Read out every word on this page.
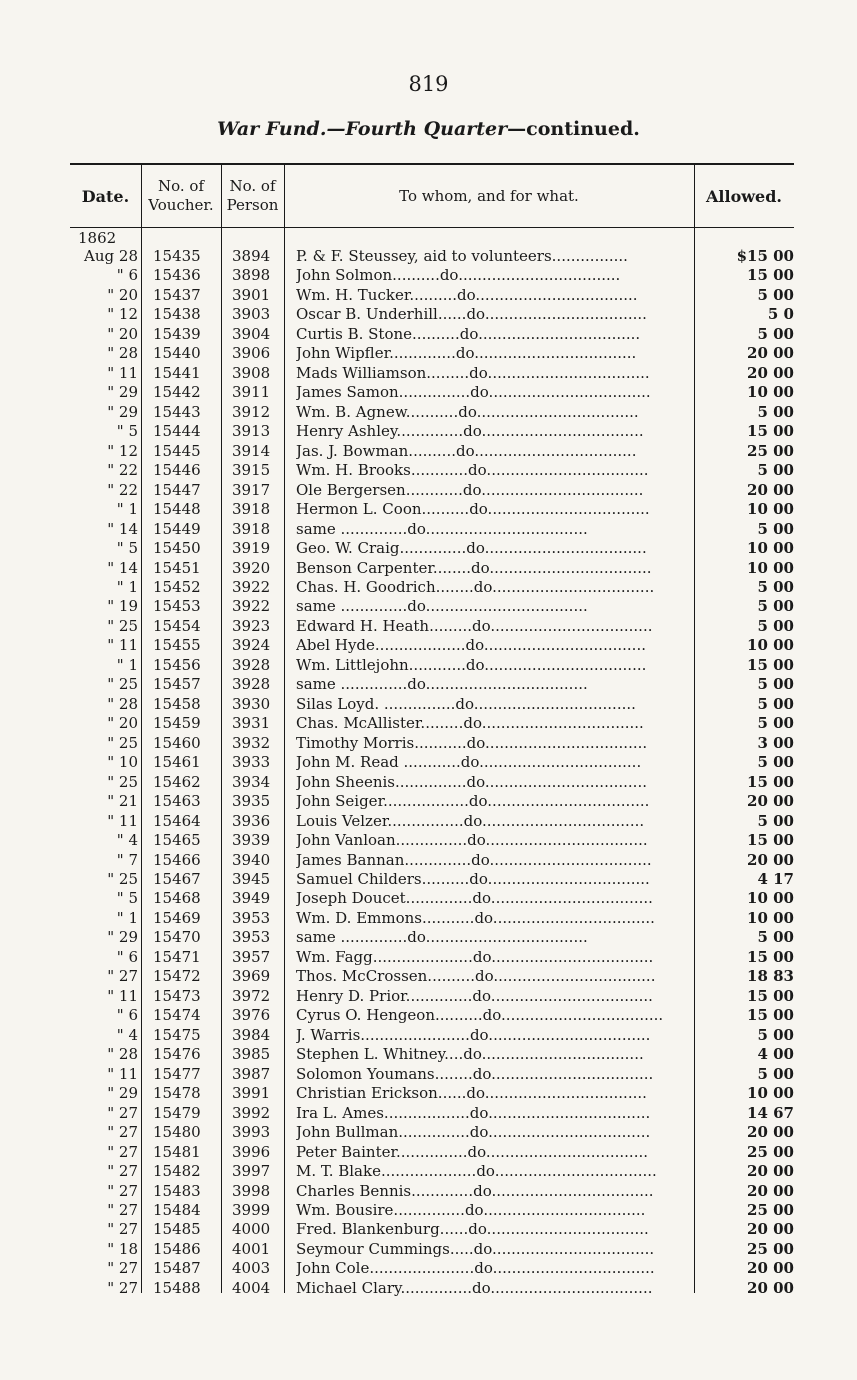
819
War Fund.—Fourth Quarter—continued.
Date.
No. of Voucher.
No. of Person
To whom, and for what.	Allowed.
1862
Aug 28 15435 3894 P. & F. Steussey, aid to volunteers................	$15 00
" 6 15436 3898 John Solmon..........do..................................	15 00
" 20 15437 3901 Wm. H. Tucker..........do..................................	5 00
" 12 15438 3903 Oscar B. Underhill......do..................................	5 0
" 20 15439 3904 Curtis B. Stone..........do..................................	5 00
" 28 15440 3906 John Wipfler..............do..................................	20 00
" 11 15441 3908 Mads Williamson.........do..................................	20 00
" 29 15442 3911 James Samon...............do..................................	10 00
" 29 15443 3912 Wm. B. Agnew...........do..................................	5 00
" 5 15444 3913 Henry Ashley..............do..................................	15 00
" 12 15445 3914 Jas. J. Bowman..........do..................................	25 00
" 22 15446 3915 Wm. H. Brooks............do..................................	5 00
" 22 15447 3917 Ole Bergersen............do..................................	20 00
" 1 15448 3918 Hermon L. Coon..........do..................................	10 00
" 14 15449 3918 same ..............do..................................	5 00
" 5 15450 3919 Geo. W. Craig..............do..................................	10 00
" 14 15451 3920 Benson Carpenter........do..................................	10 00
" 1 15452 3922 Chas. H. Goodrich........do..................................	5 00
" 19 15453 3922 same ..............do..................................	5 00
" 25 15454 3923 Edward H. Heath.........do..................................	5 00
" 11 15455 3924 Abel Hyde...................do..................................	10 00
" 1 15456 3928 Wm. Littlejohn............do..................................	15 00
" 25 15457 3928 same ..............do..................................	5 00
" 28 15458 3930 Silas Loyd. ...............do..................................	5 00
" 20 15459 3931 Chas. McAllister.........do..................................	5 00
" 25 15460 3932 Timothy Morris...........do..................................	3 00
" 10 15461 3933 John M. Read ............do..................................	5 00
" 25 15462 3934 John Sheenis...............do..................................	15 00
" 21 15463 3935 John Seiger..................do..................................	20 00
" 11 15464 3936 Louis Velzer................do..................................	5 00
" 4 15465 3939 John Vanloan...............do..................................	15 00
" 7 15466 3940 James Bannan..............do..................................	20 00
" 25 15467 3945 Samuel Childers..........do..................................	4 17
" 5 15468 3949 Joseph Doucet..............do..................................	10 00
" 1 15469 3953 Wm. D. Emmons...........do..................................	10 00
" 29 15470 3953 same ..............do..................................	5 00
" 6 15471 3957 Wm. Fagg.....................do..................................	15 00
" 27 15472 3969 Thos. McCrossen..........do..................................	18 83
" 11 15473 3972 Henry D. Prior..............do..................................	15 00
" 6 15474 3976 Cyrus O. Hengeon..........do..................................	15 00
" 4 15475 3984 J. Warris.......................do..................................	5 00
" 28 15476 3985 Stephen L. Whitney....do..................................	4 00
" 11 15477 3987 Solomon Youmans........do..................................	5 00
" 29 15478 3991 Christian Erickson......do..................................	10 00
" 27 15479 3992 Ira L. Ames..................do..................................	14 67
" 27 15480 3993 John Bullman...............do..................................	20 00
" 27 15481 3996 Peter Bainter...............do..................................	25 00
" 27 15482 3997 M. T. Blake....................do..................................	20 00
" 27 15483 3998 Charles Bennis.............do..................................	20 00
" 27 15484 3999 Wm. Bousire...............do..................................	25 00
" 27 15485 4000 Fred. Blankenburg......do..................................	20 00
" 18 15486 4001 Seymour Cummings.....do..................................	25 00
" 27 15487 4003 John Cole......................do..................................	20 00
" 27 15488 4004 Michael Clary...............do..................................	20 00
